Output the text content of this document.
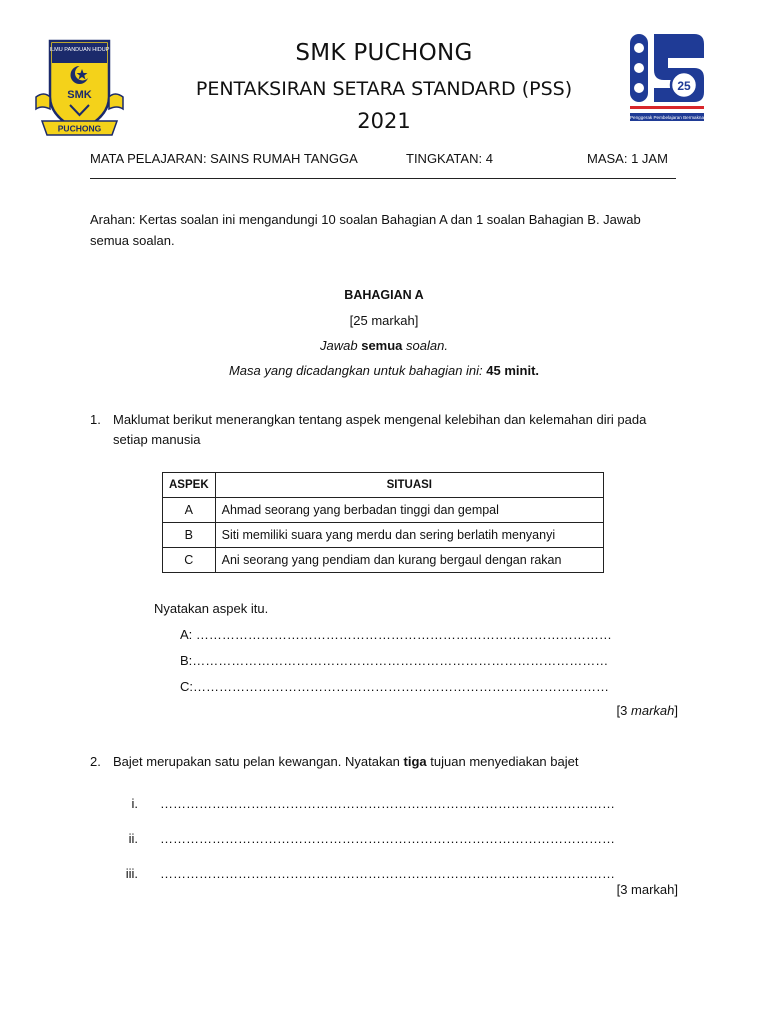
SMK PUCHONG
PENTAKSIRAN SETARA STANDARD (PSS)
2021
ILMU PANDUAN HIDUP
SMK
PUCHONG
25
Penggerak Pembelajaran Bermakna
MATA PELAJARAN: SAINS RUMAH TANGGA	TINGKATAN: 4	MASA: 1 JAM
Arahan: Kertas soalan ini mengandungi 10 soalan Bahagian A dan 1 soalan Bahagian B. Jawab semua soalan.
BAHAGIAN A
[25 markah]
Jawab semua soalan.
Masa yang dicadangkan untuk bahagian ini: 45 minit.
1. Maklumat berikut menerangkan tentang aspek mengenal kelebihan dan kelemahan diri pada setiap manusia
ASPEK	SITUASI
A	Ahmad seorang yang berbadan tinggi dan gempal
B	Siti memiliki suara yang merdu dan sering berlatih menyanyi
C	Ani seorang yang pendiam dan kurang bergaul dengan rakan
Nyatakan aspek itu.
A: ……………………………………………………………………………………
B:……………………………………………………………………………………
C:……………………………………………………………………………………
[3 markah]
2. Bajet merupakan satu pelan kewangan. Nyatakan tiga tujuan menyediakan bajet
i.
ii.
iii.
……………………………………………………………………………………………
……………………………………………………………………………………………
……………………………………………………………………………………………
[3 markah]
